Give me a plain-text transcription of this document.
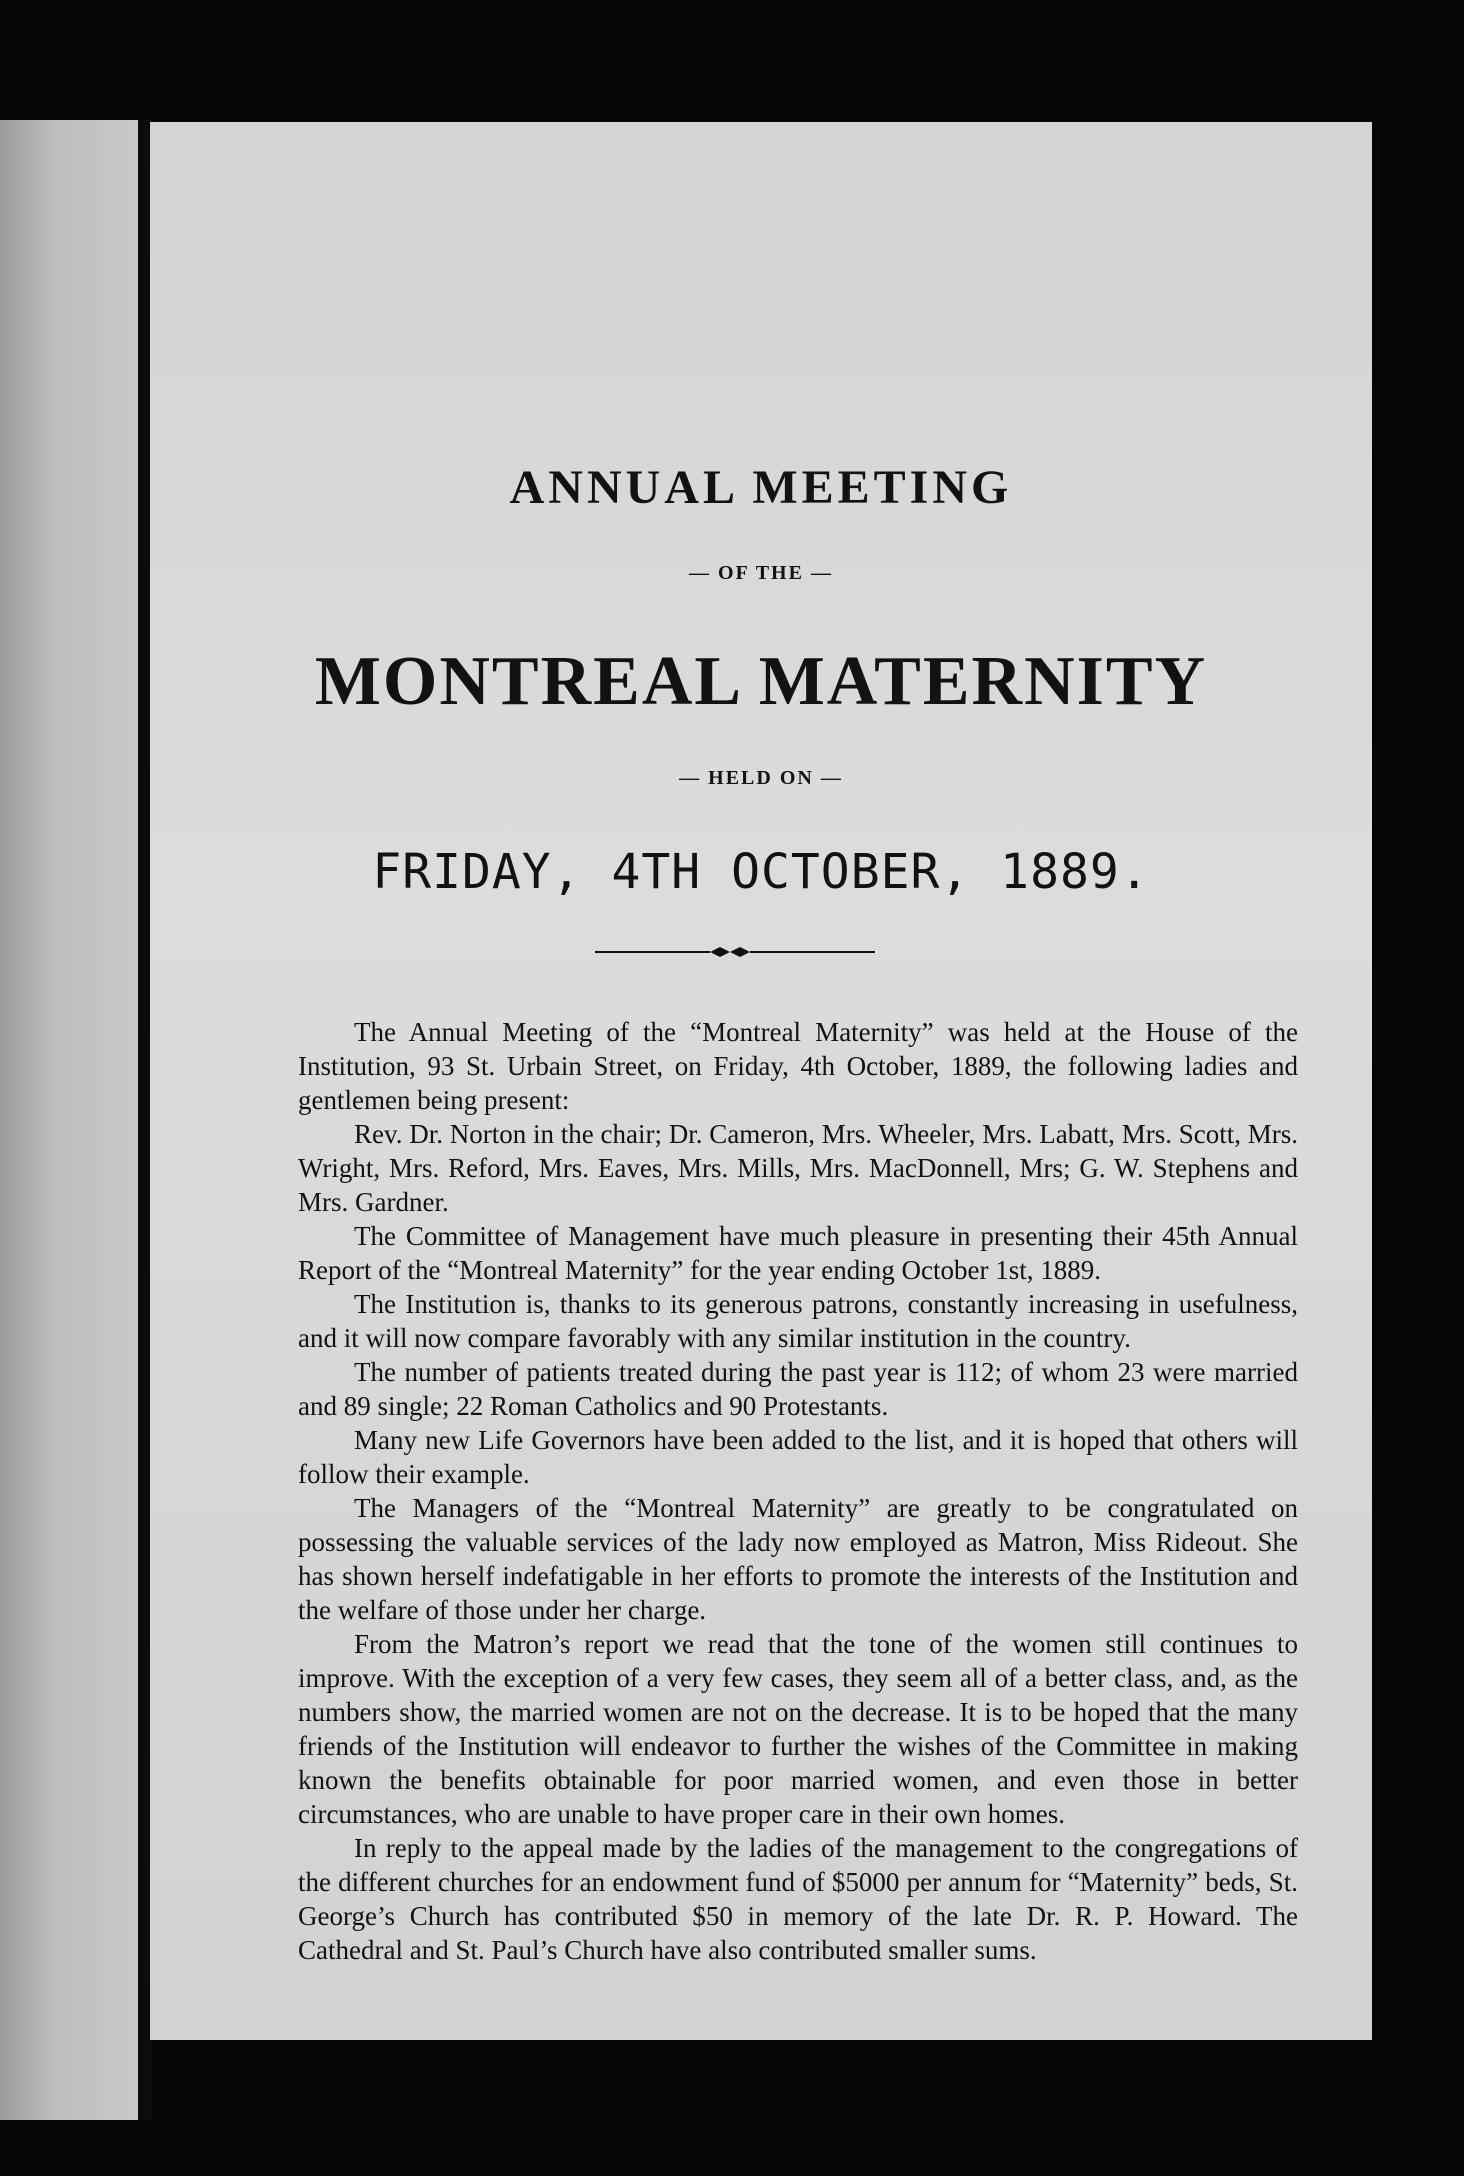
ANNUAL MEETING
— OF THE —
MONTREAL MATERNITY
— HELD ON —
FRIDAY, 4TH OCTOBER, 1889.

The Annual Meeting of the “Montreal Maternity” was held at the House of the Institution, 93 St. Urbain Street, on Friday, 4th October, 1889, the following ladies and gentlemen being present:

Rev. Dr. Norton in the chair; Dr. Cameron, Mrs. Wheeler, Mrs. Labatt, Mrs. Scott, Mrs. Wright, Mrs. Reford, Mrs. Eaves, Mrs. Mills, Mrs. MacDonnell, Mrs; G. W. Stephens and Mrs. Gardner.

The Committee of Management have much pleasure in presenting their 45th Annual Report of the “Montreal Maternity” for the year ending October 1st, 1889.

The Institution is, thanks to its generous patrons, constantly increasing in usefulness, and it will now compare favorably with any similar institution in the country.

The number of patients treated during the past year is 112; of whom 23 were married and 89 single; 22 Roman Catholics and 90 Protestants.

Many new Life Governors have been added to the list, and it is hoped that others will follow their example.

The Managers of the “Montreal Maternity” are greatly to be congratulated on possessing the valuable services of the lady now employed as Matron, Miss Rideout. She has shown herself indefatigable in her efforts to promote the interests of the Institution and the welfare of those under her charge.

From the Matron’s report we read that the tone of the women still continues to improve. With the exception of a very few cases, they seem all of a better class, and, as the numbers show, the married women are not on the decrease. It is to be hoped that the many friends of the Institution will endeavor to further the wishes of the Committee in making known the benefits obtainable for poor married women, and even those in better circumstances, who are unable to have proper care in their own homes.

In reply to the appeal made by the ladies of the management to the congregations of the different churches for an endowment fund of $5000 per annum for “Maternity” beds, St. George’s Church has contributed $50 in memory of the late Dr. R. P. Howard. The Cathedral and St. Paul’s Church have also contributed smaller sums.
